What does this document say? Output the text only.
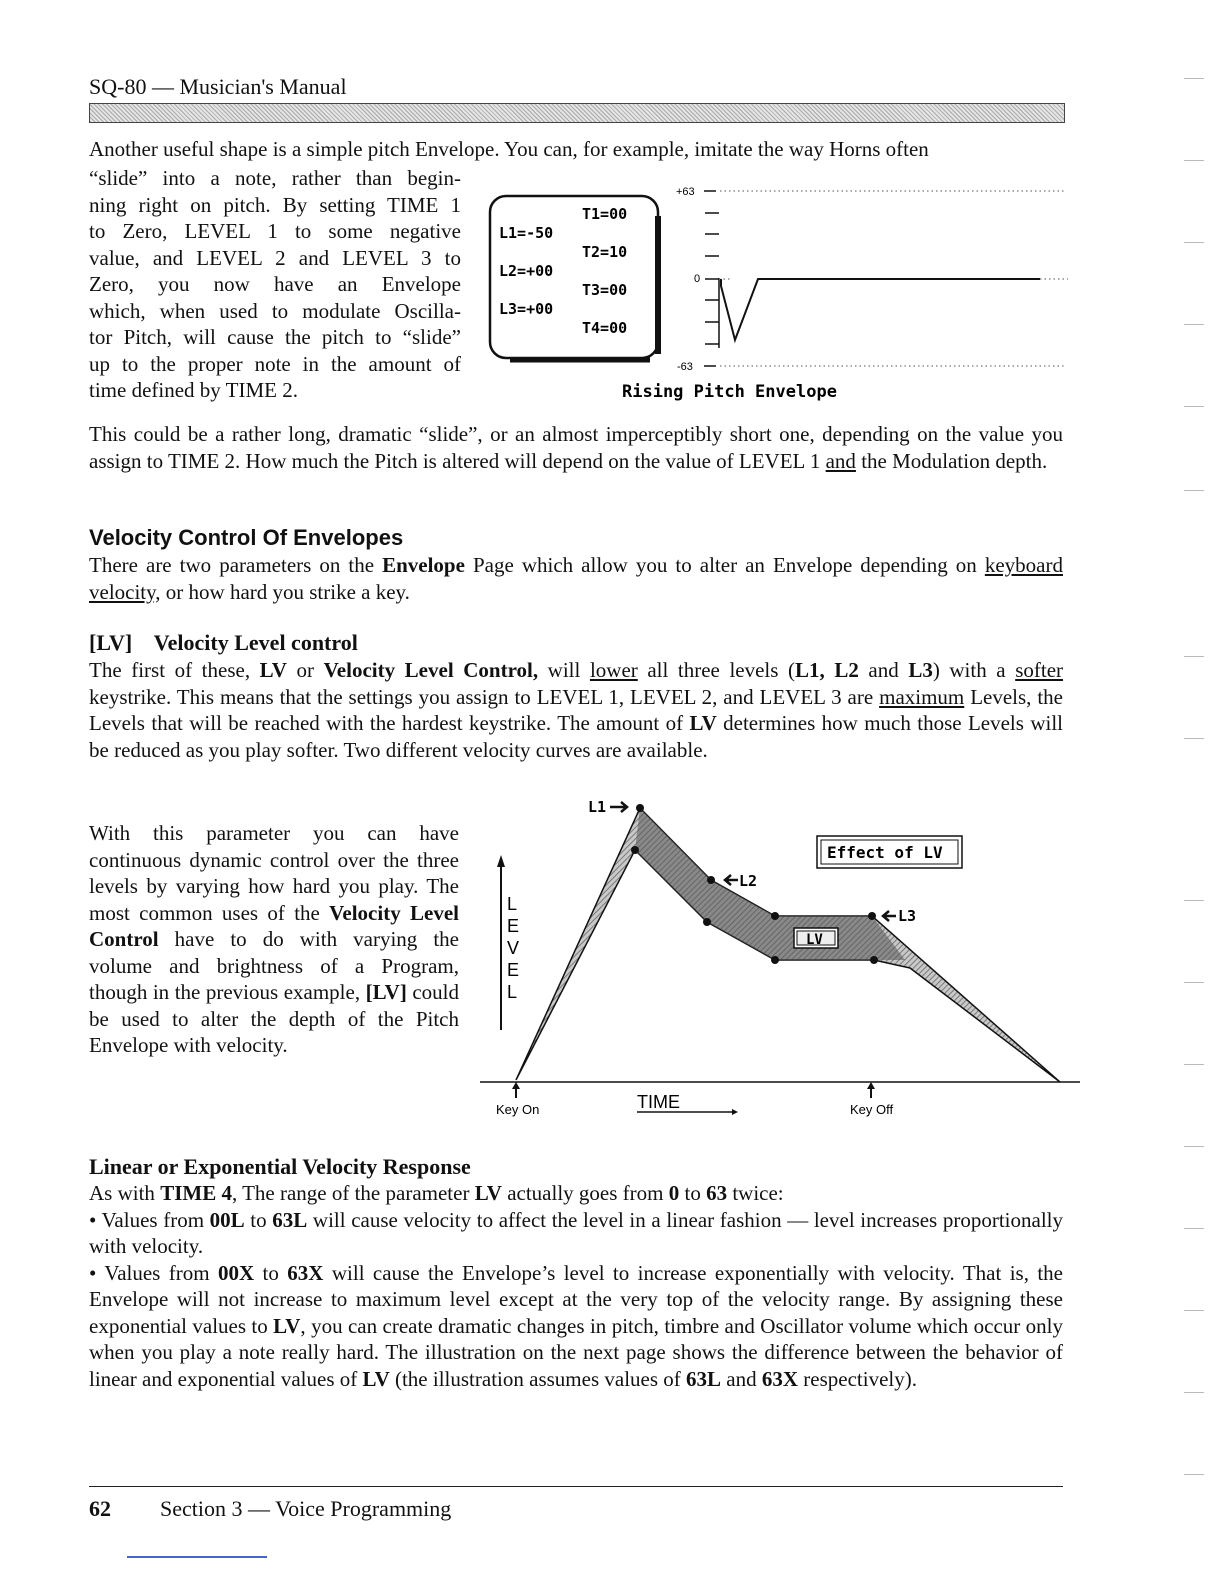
SQ-80 — Musician's Manual
Another useful shape is a simple pitch Envelope. You can, for example, imitate the way Horns often
“slide” into a note, rather than begin-
ning right on pitch. By setting TIME 1
to Zero, LEVEL 1 to some negative
value, and LEVEL 2 and LEVEL 3 to
Zero, you now have an Envelope
which, when used to modulate Oscilla-
tor Pitch, will cause the pitch to “slide”
up to the proper note in the amount of
time defined by TIME 2.
L1=-50
L2=+00
L3=+00
T1=00
T2=10
T3=00
T4=00
+63
0
-63
Rising Pitch Envelope
This could be a rather long, dramatic “slide”, or an almost imperceptibly short one, depending on the value you assign to TIME 2. How much the Pitch is altered will depend on the value of LEVEL 1 and the Modulation depth.
Velocity Control Of Envelopes
There are two parameters on the Envelope Page which allow you to alter an Envelope depending on keyboard velocity, or how hard you strike a key.
[LV]    Velocity Level control
The first of these, LV or Velocity Level Control, will lower all three levels (L1, L2 and L3) with a softer keystrike. This means that the settings you assign to LEVEL 1, LEVEL 2, and LEVEL 3 are maximum Levels, the Levels that will be reached with the hardest keystrike. The amount of LV determines how much those Levels will be reduced as you play softer. Two different velocity curves are available.
With this parameter you can have continuous dynamic control over the three levels by varying how hard you play. The most common uses of the Velocity Level Control have to do with varying the volume and brightness of a Program, though in the previous example, [LV] could be used to alter the depth of the Pitch Envelope with velocity.
L1
L2
L3
Effect of LV
LV
L
E
V
E
L
Key On	TIME	Key Off
Linear or Exponential Velocity Response

As with TIME 4, The range of the parameter LV actually goes from 0 to 63 twice:

• Values from 00L to 63L will cause velocity to affect the level in a linear fashion — level increases proportionally with velocity.

• Values from 00X to 63X will cause the Envelope’s level to increase exponentially with velocity. That is, the Envelope will not increase to maximum level except at the very top of the velocity range. By assigning these exponential values to LV, you can create dramatic changes in pitch, timbre and Oscillator volume which occur only when you play a note really hard. The illustration on the next page shows the difference between the behavior of linear and exponential values of LV (the illustration assumes values of 63L and 63X respectively).

62 Section 3 — Voice Programming
